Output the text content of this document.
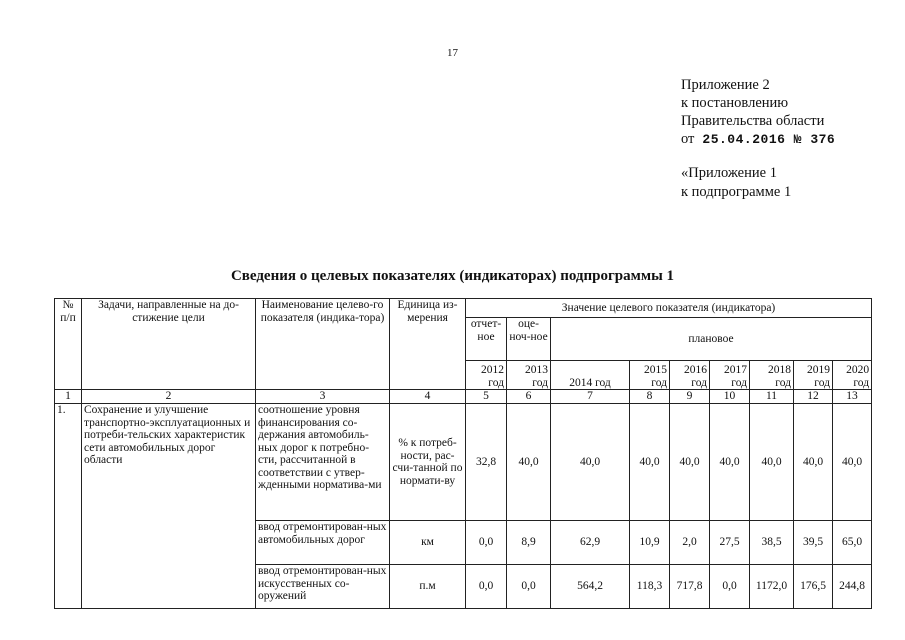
17
Приложение 2
к постановлению
Правительства области
от 25.04.2016 № 376
«Приложение 1
к подпрограмме 1
Сведения о целевых показателях (индикаторах) подпрограммы 1
№ п/п	Задачи, направленные на до-стижение цели	Наименование целево-го показателя (индика-тора)	Единица из-мерения	Значение целевого показателя (индикатора)								
				отчет-ное	оце-ноч-ное	плановое						
				2012 год	2013 год	2014 год	2015 год	2016 год	2017 год	2018 год	2019 год	2020 год
1	2	3	4	5	6	7	8	9	10	11	12	13
1.	Сохранение и улучшение транспортно-эксплуатационных и потреби-тельских характеристик сети автомобильных дорог области	соотношение уровня финансирования со-держания автомобиль-ных дорог к потребно-сти, рассчитанной в соответствии с утвер-жденными норматива-ми	% к потреб-ности, рас-счи-танной по нормати-ву	32,8	40,0	40,0	40,0	40,0	40,0	40,0	40,0	40,0
		ввод отремонтирован-ных автомобильных дорог	км	0,0	8,9	62,9	10,9	2,0	27,5	38,5	39,5	65,0
		ввод отремонтирован-ных искусственных со-оружений	п.м	0,0	0,0	564,2	118,3	717,8	0,0	1172,0	176,5	244,8
